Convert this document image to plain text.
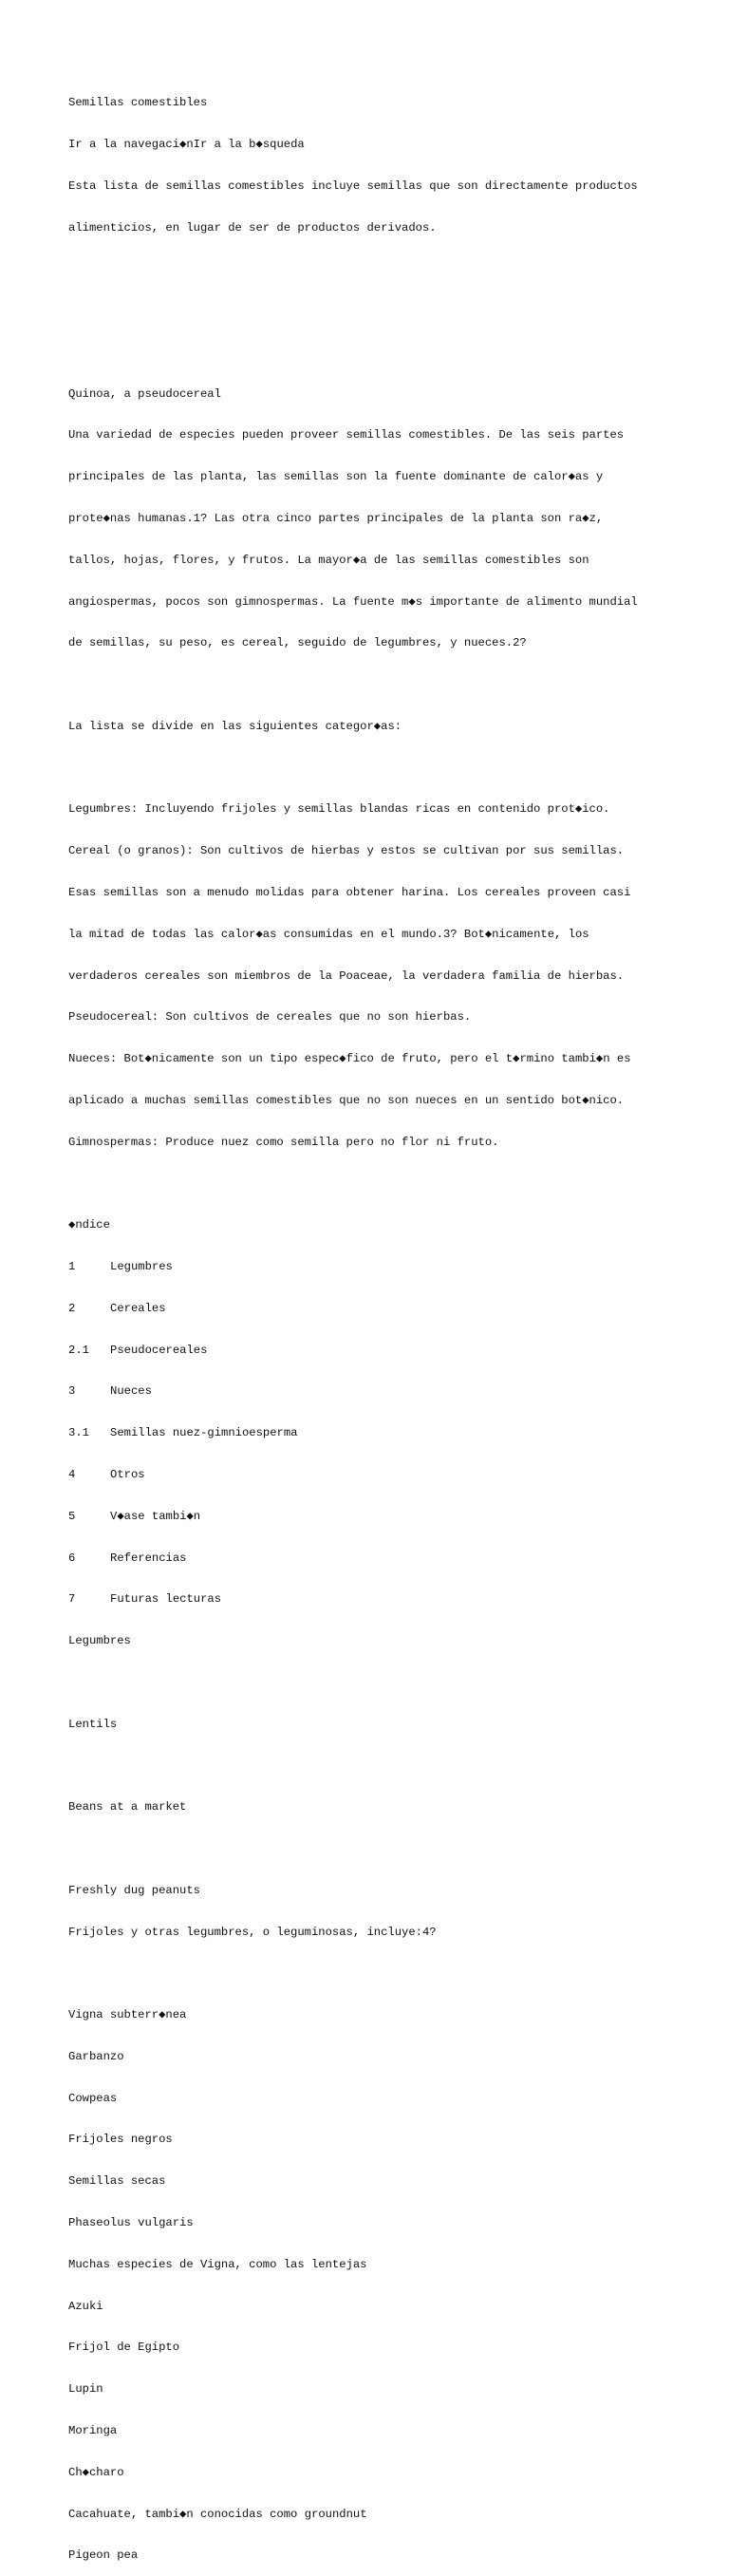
Semillas comestibles

Ir a la navegaci◆nIr a la b◆squeda

Esta lista de semillas comestibles incluye semillas que son directamente productos

alimenticios, en lugar de ser de productos derivados.

Quinoa, a pseudocereal

Una variedad de especies pueden proveer semillas comestibles. De las seis partes

principales de las planta, las semillas son la fuente dominante de calor◆as y

prote◆nas humanas.1? Las otra cinco partes principales de la planta son ra◆z,

tallos, hojas, flores, y frutos. La mayor◆a de las semillas comestibles son

angiospermas, pocos son gimnospermas. La fuente m◆s importante de alimento mundial

de semillas, su peso, es cereal, seguido de legumbres, y nueces.2?

La lista se divide en las siguientes categor◆as:

Legumbres: Incluyendo frijoles y semillas blandas ricas en contenido prot◆ico.

Cereal (o granos): Son cultivos de hierbas y estos se cultivan por sus semillas.

Esas semillas son a menudo molidas para obtener harina. Los cereales proveen casi

la mitad de todas las calor◆as consumidas en el mundo.3? Bot◆nicamente, los

verdaderos cereales son miembros de la Poaceae, la verdadera familia de hierbas.

Pseudocereal: Son cultivos de cereales que no son hierbas.

Nueces: Bot◆nicamente son un tipo espec◆fico de fruto, pero el t◆rmino tambi◆n es

aplicado a muchas semillas comestibles que no son nueces en un sentido bot◆nico.

Gimnospermas: Produce nuez como semilla pero no flor ni fruto.

◆ndice

1	Legumbres

2	Cereales

2.1 Pseudocereales

3	Nueces

3.1 Semillas nuez-gimnioesperma

4	Otros

5	V◆ase tambi◆n

6	Referencias

7	Futuras lecturas

Legumbres

Lentils

Beans at a market

Freshly dug peanuts

Frijoles y otras legumbres, o leguminosas, incluye:4?

Vigna subterr◆nea

Garbanzo

Cowpeas

Frijoles negros

Semillas secas

Phaseolus vulgaris

Muchas especies de Vigna, como las lentejas

Azuki

Frijol de Egipto

Lupin

Moringa

Ch◆charo

Cacahuate, tambi◆n conocidas como groundnut

Pigeon pea
